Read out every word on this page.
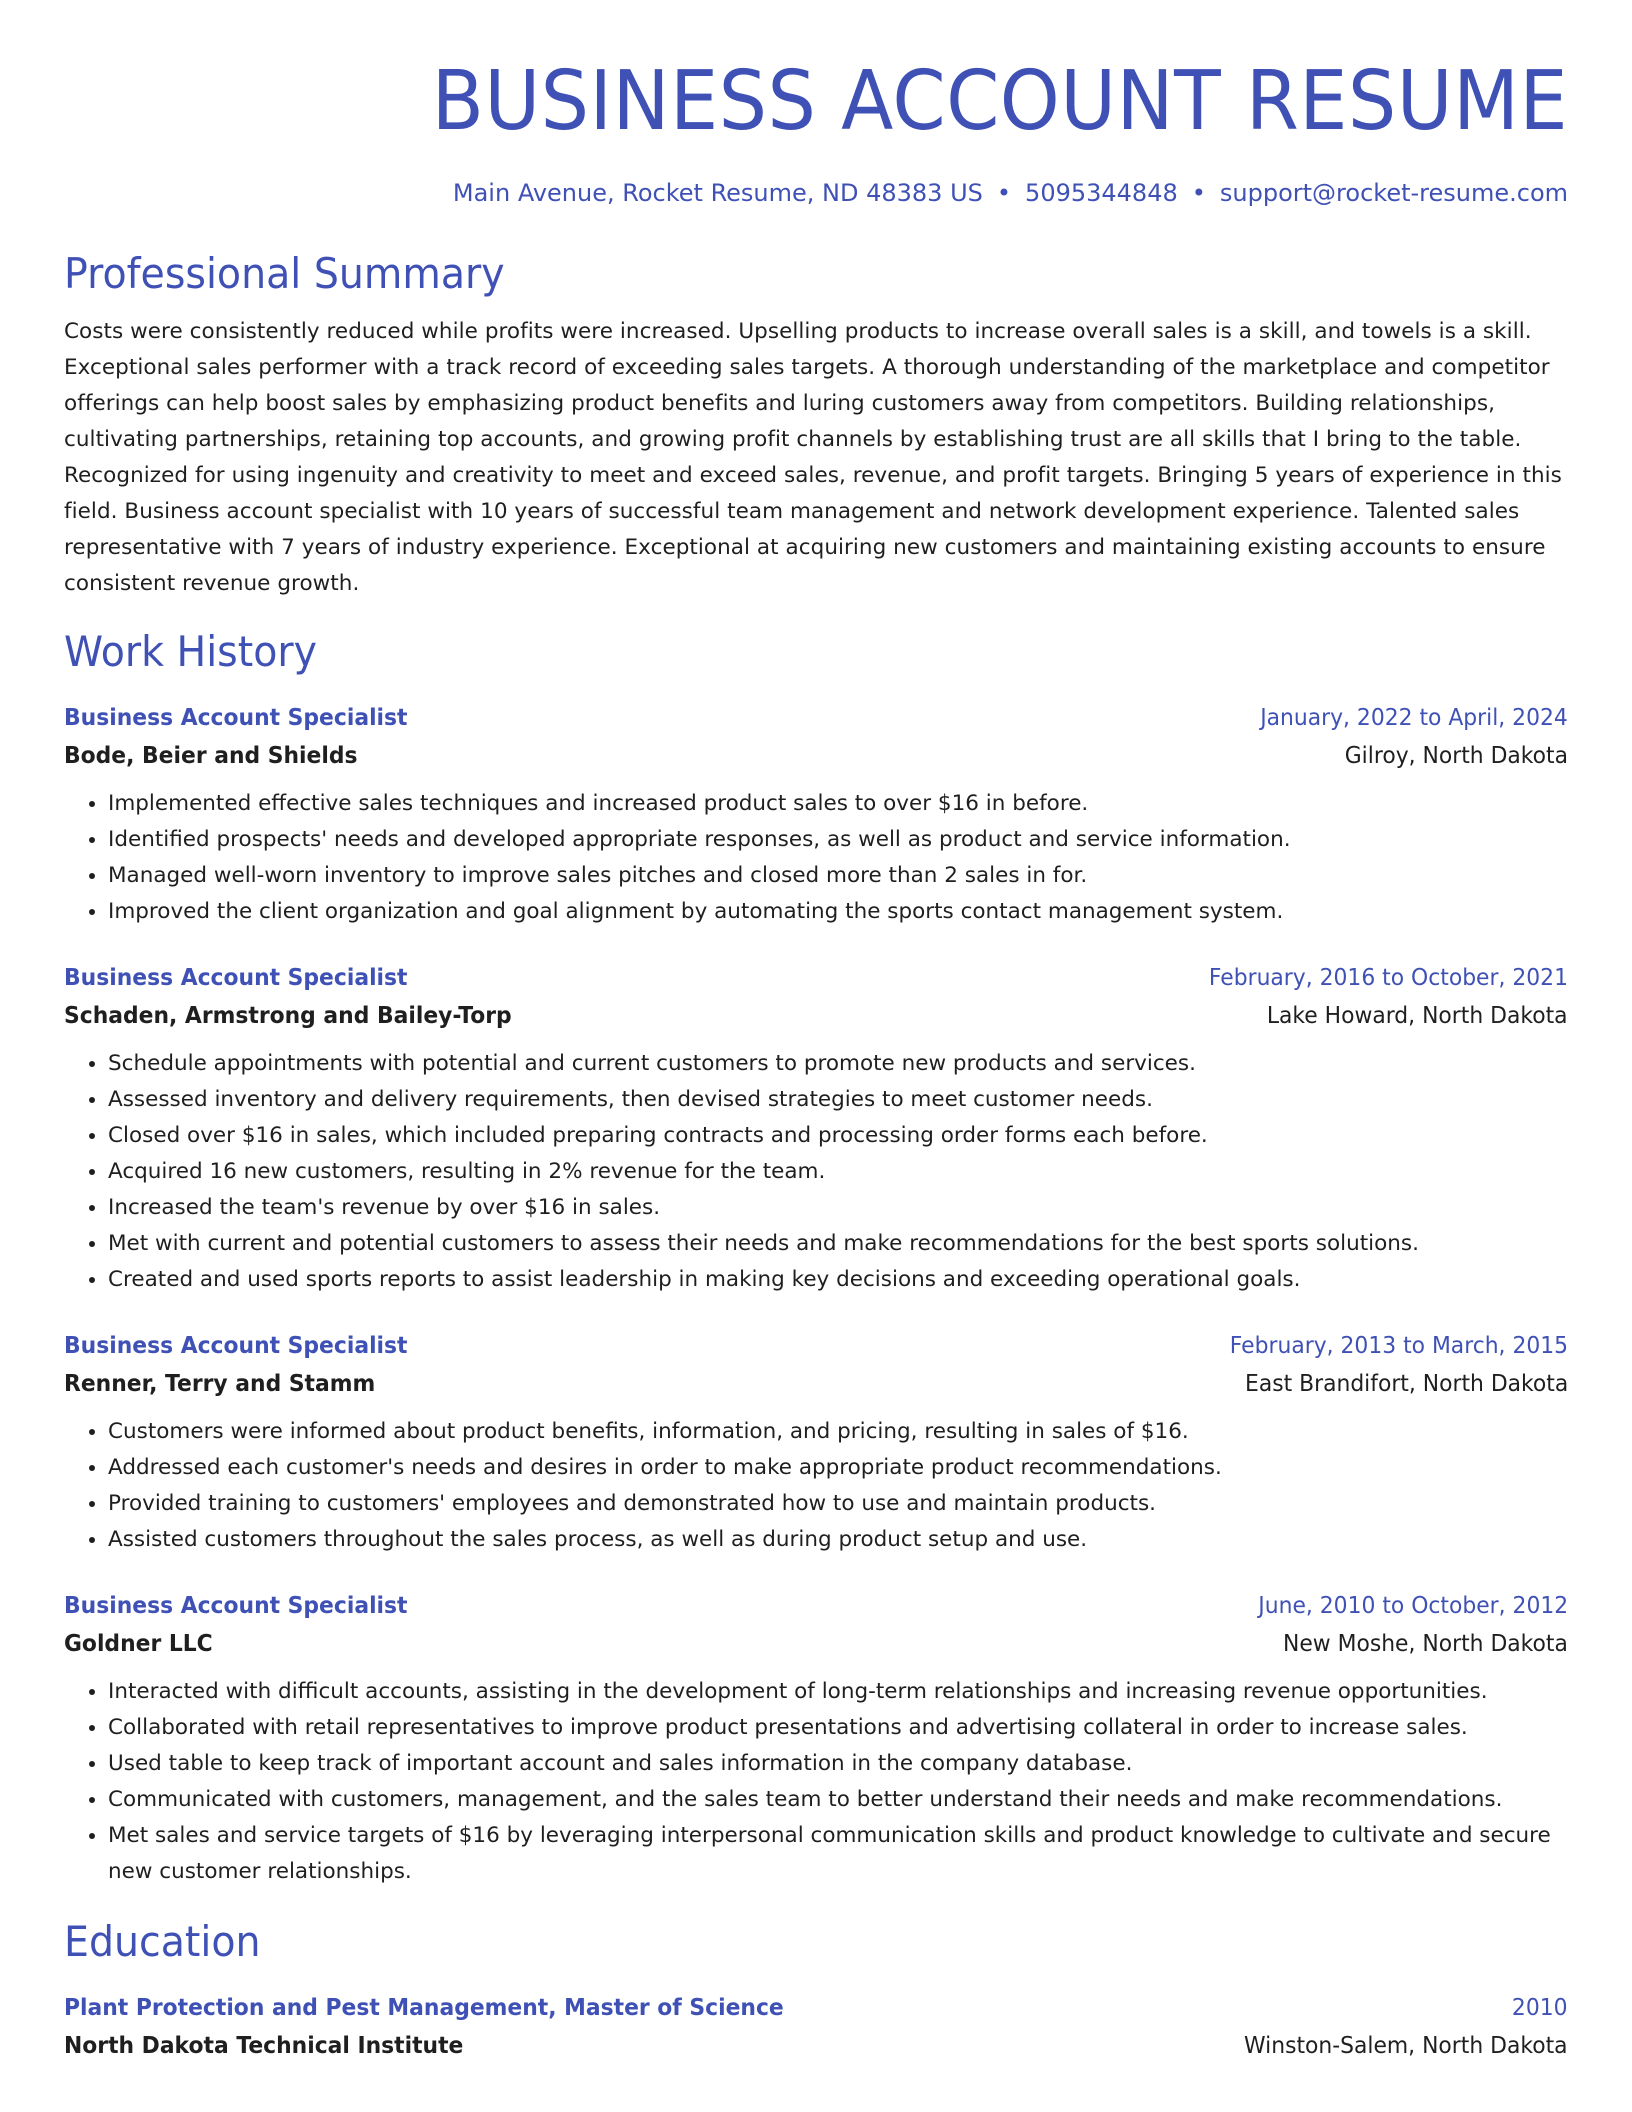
BUSINESS ACCOUNT RESUME
Main Avenue, Rocket Resume, ND 48383 US • 5095344848 • support@rocket-resume.com
Professional Summary
Costs were consistently reduced while profits were increased. Upselling products to increase overall sales is a skill, and towels is a skill. Exceptional sales performer with a track record of exceeding sales targets. A thorough understanding of the marketplace and competitor offerings can help boost sales by emphasizing product benefits and luring customers away from competitors. Building relationships, cultivating partnerships, retaining top accounts, and growing profit channels by establishing trust are all skills that I bring to the table. Recognized for using ingenuity and creativity to meet and exceed sales, revenue, and profit targets. Bringing 5 years of experience in this field. Business account specialist with 10 years of successful team management and network development experience. Talented sales representative with 7 years of industry experience. Exceptional at acquiring new customers and maintaining existing accounts to ensure consistent revenue growth.
Work History
Business Account Specialist	January, 2022 to April, 2024
Bode, Beier and Shields	Gilroy, North Dakota
• Implemented effective sales techniques and increased product sales to over $16 in before.
• Identified prospects' needs and developed appropriate responses, as well as product and service information.
• Managed well-worn inventory to improve sales pitches and closed more than 2 sales in for.
• Improved the client organization and goal alignment by automating the sports contact management system.
Business Account Specialist	February, 2016 to October, 2021
Schaden, Armstrong and Bailey-Torp	Lake Howard, North Dakota
• Schedule appointments with potential and current customers to promote new products and services.
• Assessed inventory and delivery requirements, then devised strategies to meet customer needs.
• Closed over $16 in sales, which included preparing contracts and processing order forms each before.
• Acquired 16 new customers, resulting in 2% revenue for the team.
• Increased the team's revenue by over $16 in sales.
• Met with current and potential customers to assess their needs and make recommendations for the best sports solutions.
• Created and used sports reports to assist leadership in making key decisions and exceeding operational goals.
Business Account Specialist	February, 2013 to March, 2015
Renner, Terry and Stamm	East Brandifort, North Dakota
• Customers were informed about product benefits, information, and pricing, resulting in sales of $16.
• Addressed each customer's needs and desires in order to make appropriate product recommendations.
• Provided training to customers' employees and demonstrated how to use and maintain products.
• Assisted customers throughout the sales process, as well as during product setup and use.
Business Account Specialist	June, 2010 to October, 2012
Goldner LLC	New Moshe, North Dakota
• Interacted with difficult accounts, assisting in the development of long-term relationships and increasing revenue opportunities.
• Collaborated with retail representatives to improve product presentations and advertising collateral in order to increase sales.
• Used table to keep track of important account and sales information in the company database.
• Communicated with customers, management, and the sales team to better understand their needs and make recommendations.
• Met sales and service targets of $16 by leveraging interpersonal communication skills and product knowledge to cultivate and secure new customer relationships.
Education
Plant Protection and Pest Management, Master of Science	2010
North Dakota Technical Institute	Winston-Salem, North Dakota
